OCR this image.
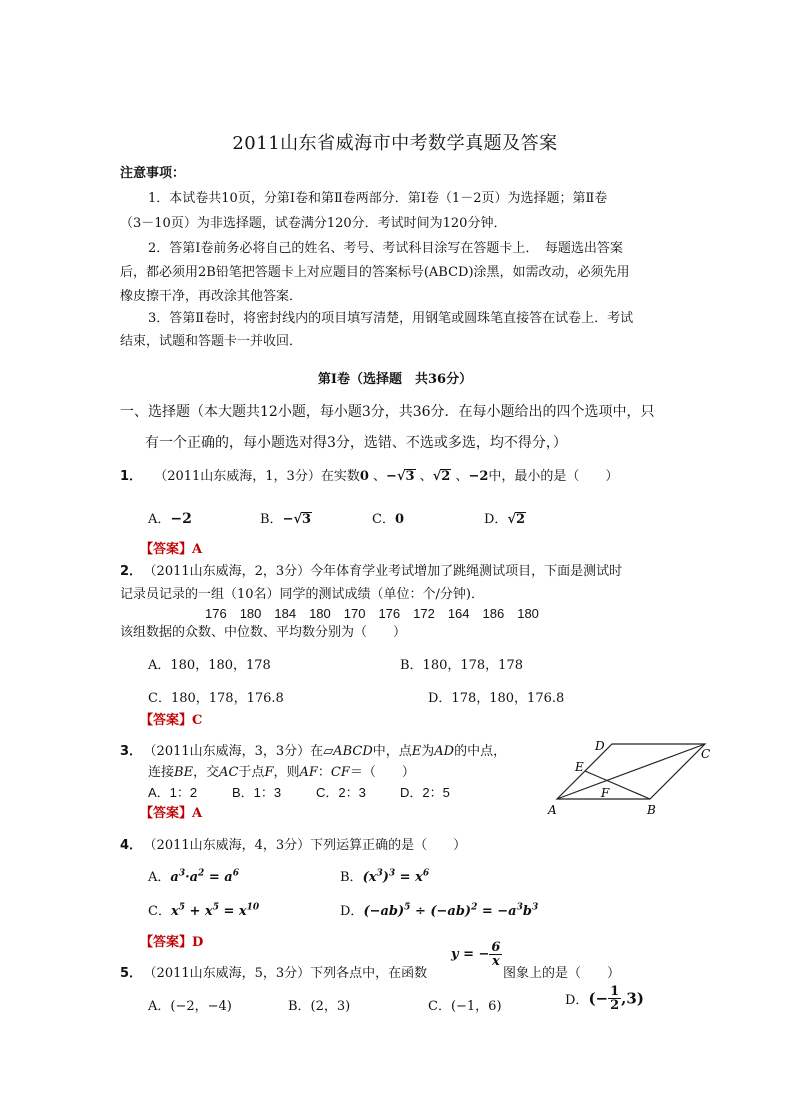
2011山东省威海市中考数学真题及答案
注意事项：
1．本试卷共10页，分第Ⅰ卷和第Ⅱ卷两部分．第Ⅰ卷（1－2页）为选择题；第Ⅱ卷
（3－10页）为非选择题，试卷满分120分．考试时间为120分钟．
2．答第Ⅰ卷前务必将自己的姓名、考号、考试科目涂写在答题卡上．　每题选出答案
后，都必须用2B铅笔把答题卡上对应题目的答案标号(ABCD)涂黑，如需改动，必须先用
橡皮擦干净，再改涂其他答案．
3．答第Ⅱ卷时，将密封线内的项目填写清楚，用钢笔或圆珠笔直接答在试卷上．考试
结束，试题和答题卡一并收回．
第Ⅰ卷（选择题　共36分）
一、选择题（本大题共12小题，每小题3分，共36分．在每小题给出的四个选项中，只
有一个正确的，每小题选对得3分，选错、不选或多选，均不得分，）
1． （2011山东威海，1，3分）在实数0 、−√3 、√2 、−2中，最小的是（　　）
A．−2	B．−√3	C．0	D．√2
【答案】A
2． （2011山东威海，2，3分）今年体育学业考试增加了跳绳测试项目，下面是测试时
记录员记录的一组（10名）同学的测试成绩（单位：个/分钟)．
176　180　184　180　170　176　172　164　186　180
该组数据的众数、中位数、平均数分别为（　　）
A．180，180，178	B．180，178，178
C．180，178，176.8	D．178，180，176.8
【答案】C
3． （2011山东威海，3，3分）在▱ABCD中，点E为AD的中点，
连接BE，交AC于点F，则AF：CF＝（　　）
A．1：2	B．1：3	C．2：3	D．2：5
【答案】A	A	B
C
D
E
F
4． （2011山东威海，4，3分）下列运算正确的是（　　）
A．$a^3\cdot a^2 = a^6$	B．$(x^3)^3 = x^6$
C．$x^5 + x^5 = x^{10}$	D．$(-ab)^5 \div (-ab)^2 = -a^3b^3$
【答案】D
5． （2011山东威海，5，3分）下列各点中，在函数
y = − $\frac{6}{x}$
图象上的是（　　）
A．(−2，−4)	B．(2，3)	C．(−1，6)	D．(− $\frac{1}{2} ,3$)
